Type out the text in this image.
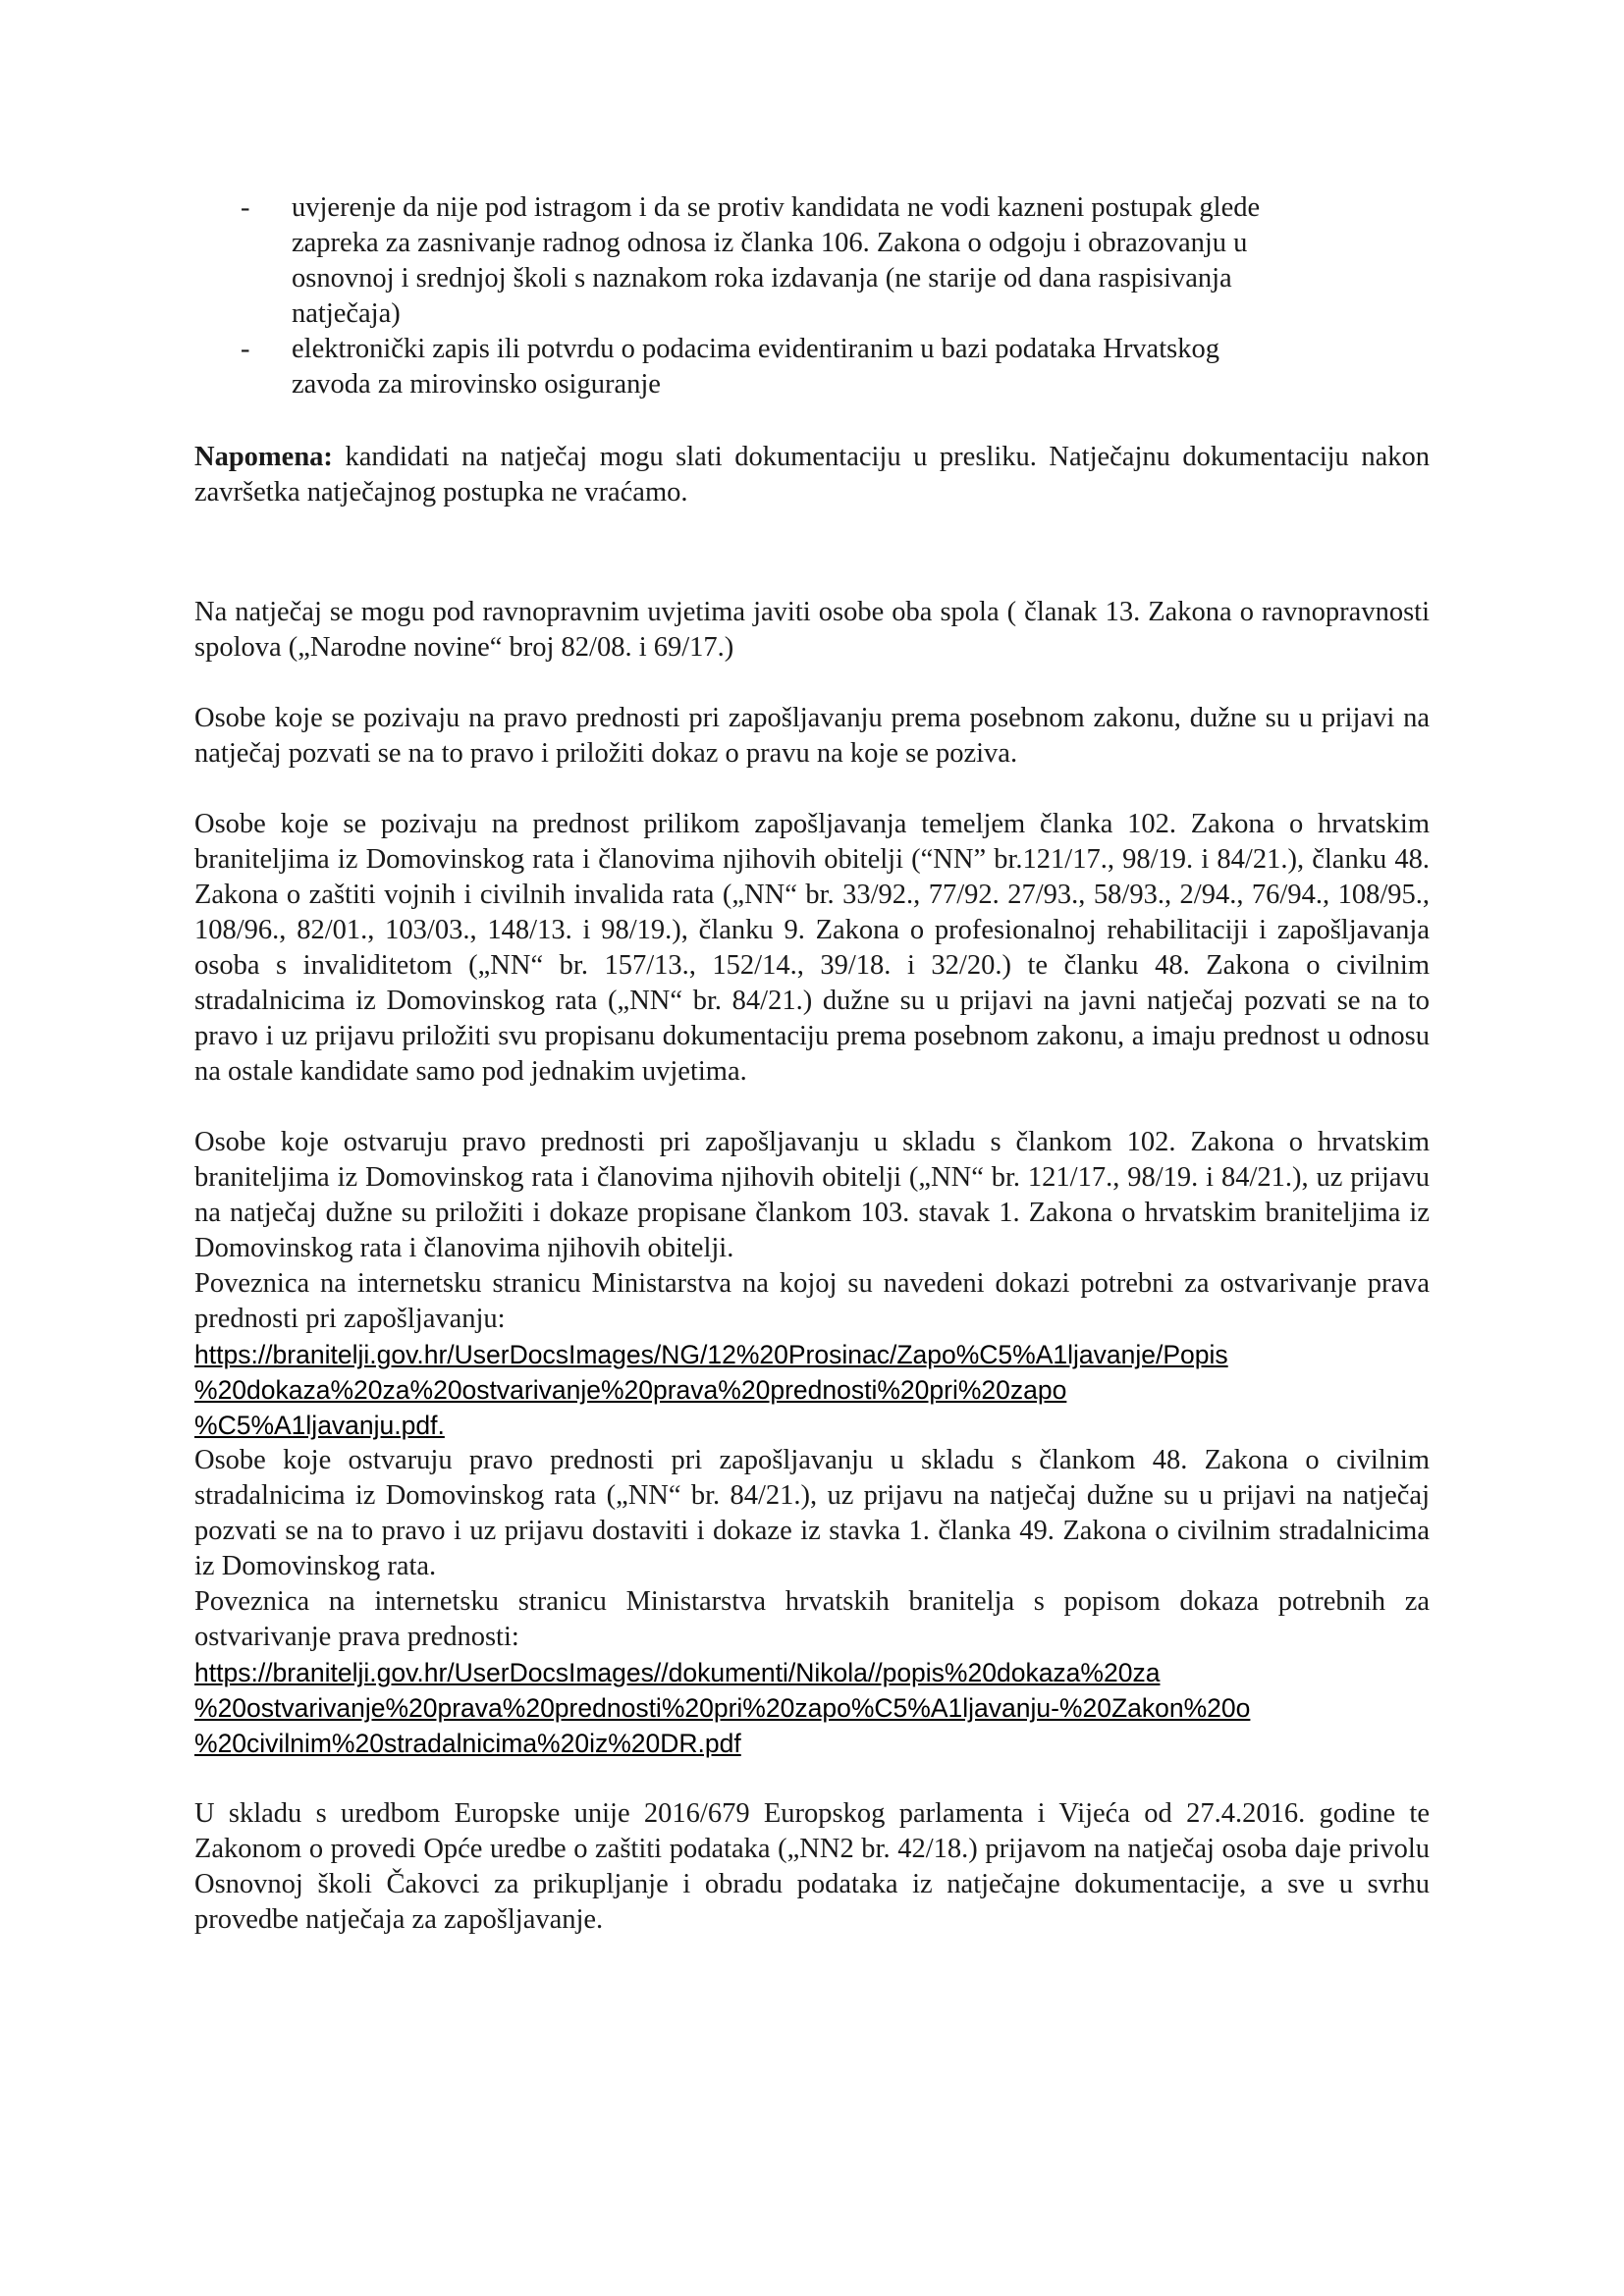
- uvjerenje da nije pod istragom i da se protiv kandidata ne vodi kazneni postupak glede
zapreka za zasnivanje radnog odnosa iz članka 106. Zakona o odgoju i obrazovanju u
osnovnoj i srednjoj školi s naznakom roka izdavanja (ne starije od dana raspisivanja
natječaja)
- elektronički zapis ili potvrdu o podacima evidentiranim u bazi podataka Hrvatskog
zavoda za mirovinsko osiguranje

Napomena: kandidati na natječaj mogu slati dokumentaciju u presliku. Natječajnu dokumentaciju nakon završetka natječajnog postupka ne vraćamo.

Na natječaj se mogu pod ravnopravnim uvjetima javiti osobe oba spola ( članak 13. Zakona o ravnopravnosti spolova („Narodne novine“ broj 82/08. i 69/17.)

Osobe koje se pozivaju na pravo prednosti pri zapošljavanju prema posebnom zakonu, dužne su u prijavi na natječaj pozvati se na to pravo i priložiti dokaz o pravu na koje se poziva.

Osobe koje se pozivaju na prednost prilikom zapošljavanja temeljem članka 102. Zakona o hrvatskim braniteljima iz Domovinskog rata i članovima njihovih obitelji (“NN” br.121/17., 98/19. i 84/21.), članku 48. Zakona o zaštiti vojnih i civilnih invalida rata („NN“ br. 33/92., 77/92. 27/93., 58/93., 2/94., 76/94., 108/95., 108/96., 82/01., 103/03., 148/13. i 98/19.), članku 9. Zakona o profesionalnoj rehabilitaciji i zapošljavanja osoba s invaliditetom („NN“ br. 157/13., 152/14., 39/18. i 32/20.) te članku 48. Zakona o civilnim stradalnicima iz Domovinskog rata („NN“ br. 84/21.) dužne su u prijavi na javni natječaj pozvati se na to pravo i uz prijavu priložiti svu propisanu dokumentaciju prema posebnom zakonu, a imaju prednost u odnosu na ostale kandidate samo pod jednakim uvjetima.

Osobe koje ostvaruju pravo prednosti pri zapošljavanju u skladu s člankom 102. Zakona o hrvatskim braniteljima iz Domovinskog rata i članovima njihovih obitelji („NN“ br. 121/17., 98/19. i 84/21.), uz prijavu na natječaj dužne su priložiti i dokaze propisane člankom 103. stavak 1. Zakona o hrvatskim braniteljima iz Domovinskog rata i članovima njihovih obitelji.

Poveznica na internetsku stranicu Ministarstva na kojoj su navedeni dokazi potrebni za ostvarivanje prava prednosti pri zapošljavanju:

https://branitelji.gov.hr/UserDocsImages/NG/12%20Prosinac/Zapo%C5%A1ljavanje/Popis
%20dokaza%20za%20ostvarivanje%20prava%20prednosti%20pri%20zapo
%C5%A1ljavanju.pdf.

Osobe koje ostvaruju pravo prednosti pri zapošljavanju u skladu s člankom 48. Zakona o civilnim stradalnicima iz Domovinskog rata („NN“ br. 84/21.), uz prijavu na natječaj dužne su u prijavi na natječaj pozvati se na to pravo i uz prijavu dostaviti i dokaze iz stavka 1. članka 49. Zakona o civilnim stradalnicima iz Domovinskog rata.

Poveznica na internetsku stranicu Ministarstva hrvatskih branitelja s popisom dokaza potrebnih za ostvarivanje prava prednosti:

https://branitelji.gov.hr/UserDocsImages//dokumenti/Nikola//popis%20dokaza%20za
%20ostvarivanje%20prava%20prednosti%20pri%20zapo%C5%A1ljavanju-%20Zakon%20o
%20civilnim%20stradalnicima%20iz%20DR.pdf

U skladu s uredbom Europske unije 2016/679 Europskog parlamenta i Vijeća od 27.4.2016. godine te Zakonom o provedi Opće uredbe o zaštiti podataka („NN2 br. 42/18.) prijavom na natječaj osoba daje privolu Osnovnoj školi Čakovci za prikupljanje i obradu podataka iz natječajne dokumentacije, a sve u svrhu provedbe natječaja za zapošljavanje.
